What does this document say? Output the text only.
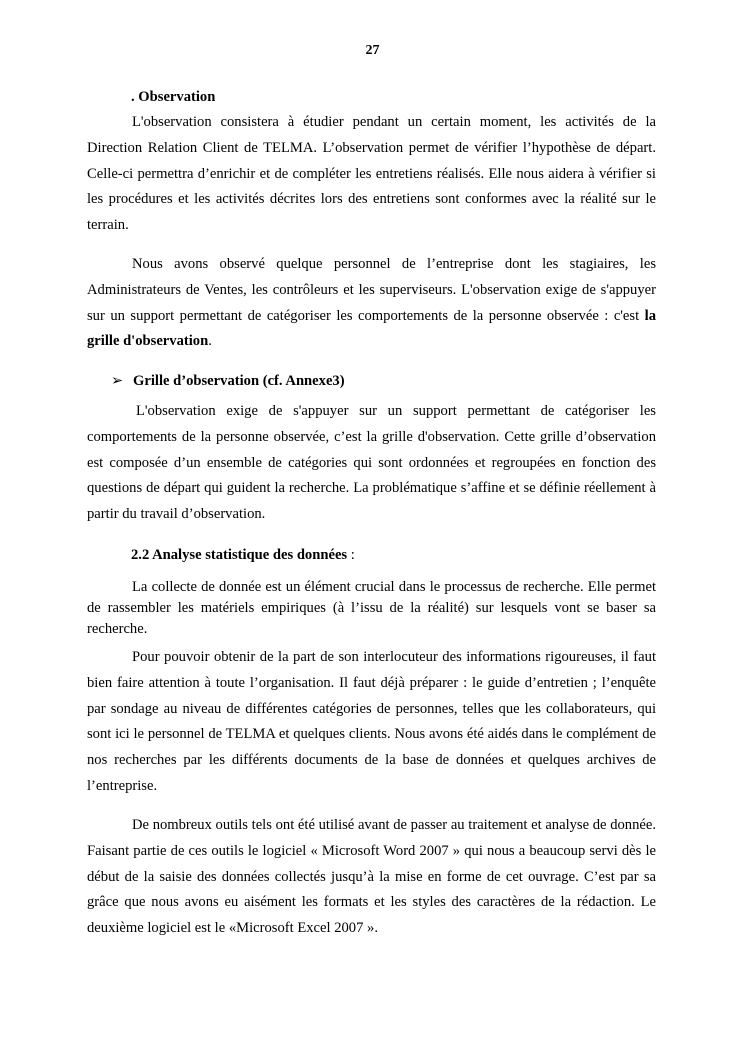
27
. Observation
L'observation consistera à étudier pendant un certain moment, les activités de la Direction Relation Client de TELMA. L’observation permet de vérifier l’hypothèse de départ. Celle-ci permettra d’enrichir et de compléter les entretiens réalisés. Elle nous aidera à vérifier si les procédures et les activités décrites lors des entretiens sont conformes avec la réalité sur le terrain.
Nous avons observé quelque personnel de l’entreprise dont les stagiaires, les Administrateurs de Ventes, les contrôleurs et les superviseurs. L'observation exige de s'appuyer sur un support permettant de catégoriser les comportements de la personne observée : c'est la grille d'observation.
➢ Grille d’observation (cf. Annexe3)
L'observation exige de s'appuyer sur un support permettant de catégoriser les comportements de la personne observée, c’est la grille d'observation. Cette grille d’observation est composée d’un ensemble de catégories qui sont ordonnées et regroupées en fonction des questions de départ qui guident la recherche. La problématique s’affine et se définie réellement à partir du travail d’observation.
2.2 Analyse statistique des données :
La collecte de donnée est un élément crucial dans le processus de recherche. Elle permet de rassembler les matériels empiriques (à l’issu de la réalité) sur lesquels vont se baser sa recherche.
Pour pouvoir obtenir de la part de son interlocuteur des informations rigoureuses, il faut bien faire attention à toute l’organisation. Il faut déjà préparer : le guide d’entretien ; l’enquête par sondage au niveau de différentes catégories de personnes, telles que les collaborateurs, qui sont ici le personnel de TELMA et quelques clients. Nous avons été aidés dans le complément de nos recherches par les différents documents de la base de données et quelques archives de l’entreprise.
De nombreux outils tels ont été utilisé avant de passer au traitement et analyse de donnée. Faisant partie de ces outils le logiciel « Microsoft Word 2007 » qui nous a beaucoup servi dès le début de la saisie des données collectés jusqu’à la mise en forme de cet ouvrage. C’est par sa grâce que nous avons eu aisément les formats et les styles des caractères de la rédaction. Le deuxième logiciel est le «Microsoft Excel 2007 ».
